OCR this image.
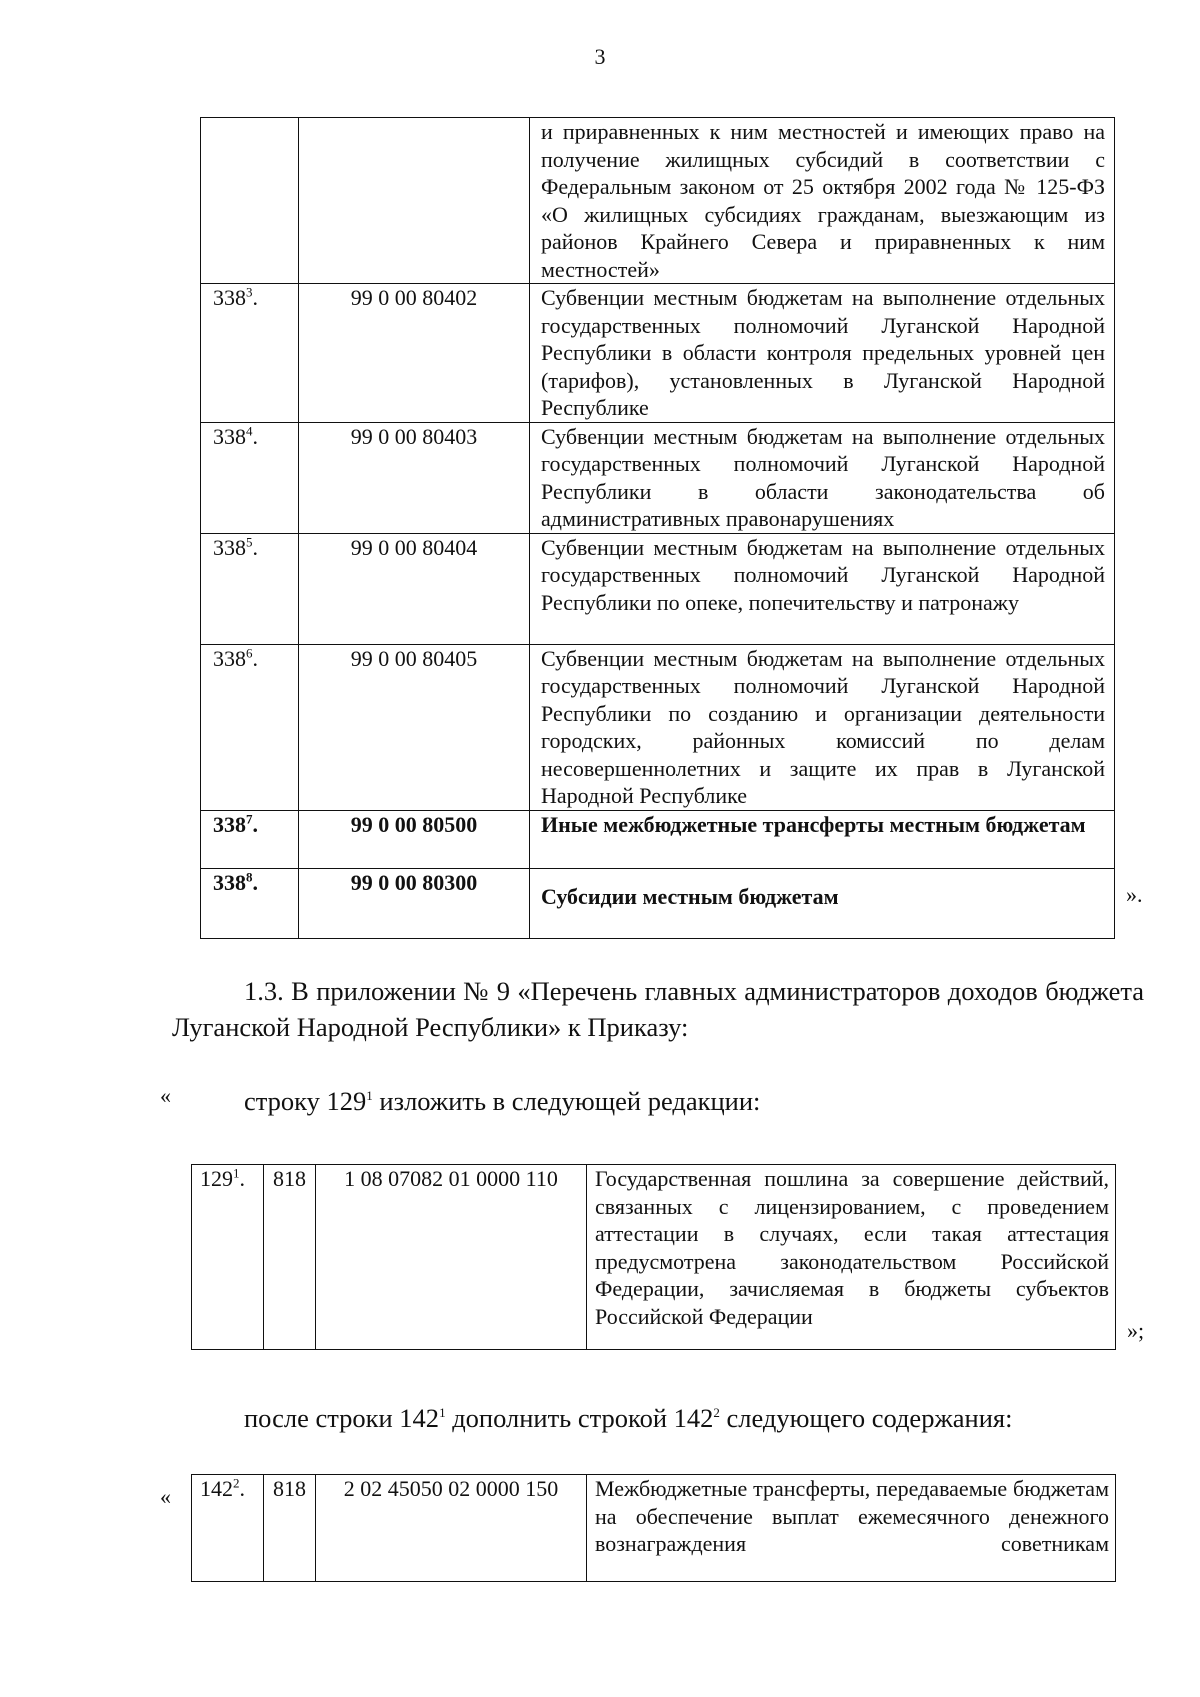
3
		и приравненных к ним местностей и имеющих право на получение жилищных субсидий в соответствии с Федеральным законом от 25 октября 2002 года № 125-ФЗ «О жилищных субсидиях гражданам, выезжающим из районов Крайнего Севера и приравненных к ним местностей»
$338^3$.	99 0 00 80402	Субвенции местным бюджетам на выполнение отдельных государственных полномочий Луганской Народной Республики в области контроля предельных уровней цен (тарифов), установленных в Луганской Народной Республике
$338^4$.	99 0 00 80403	Субвенции местным бюджетам на выполнение отдельных государственных полномочий Луганской Народной Республики в области законодательства об административных правонарушениях
$338^5$.	99 0 00 80404	Субвенции местным бюджетам на выполнение отдельных государственных полномочий Луганской Народной Республики по опеке, попечительству и патронажу
$338^6$.	99 0 00 80405	Субвенции местным бюджетам на выполнение отдельных государственных полномочий Луганской Народной Республики по созданию и организации деятельности городских, районных комиссий по делам несовершеннолетних и защите их прав в Луганской Народной Республике
$338^7$.	99 0 00 80500	Иные межбюджетные трансферты местным бюджетам
$338^8$.	99 0 00 80300	Субсидии местным бюджетам	».
1.3. В приложении № 9 «Перечень главных администраторов доходов бюджета Луганской Народной Республики» к Приказу:
строку $129^1$ изложить в следующей редакции:
«
$129^1$.	818	1 08 07082 01 0000 110	Государственная пошлина за совершение действий, связанных с лицензированием, с проведением аттестации в случаях, если такая аттестация предусмотрена законодательством Российской Федерации, зачисляемая в бюджеты субъектов Российской Федерации
»;
после строки $142^1$ дополнить строкой $142^2$ следующего содержания:
« $142^2$.	818	2 02 45050 02 0000 150	Межбюджетные трансферты, передаваемые бюджетам на обеспечение выплат ежемесячного денежного вознаграждения советникам
